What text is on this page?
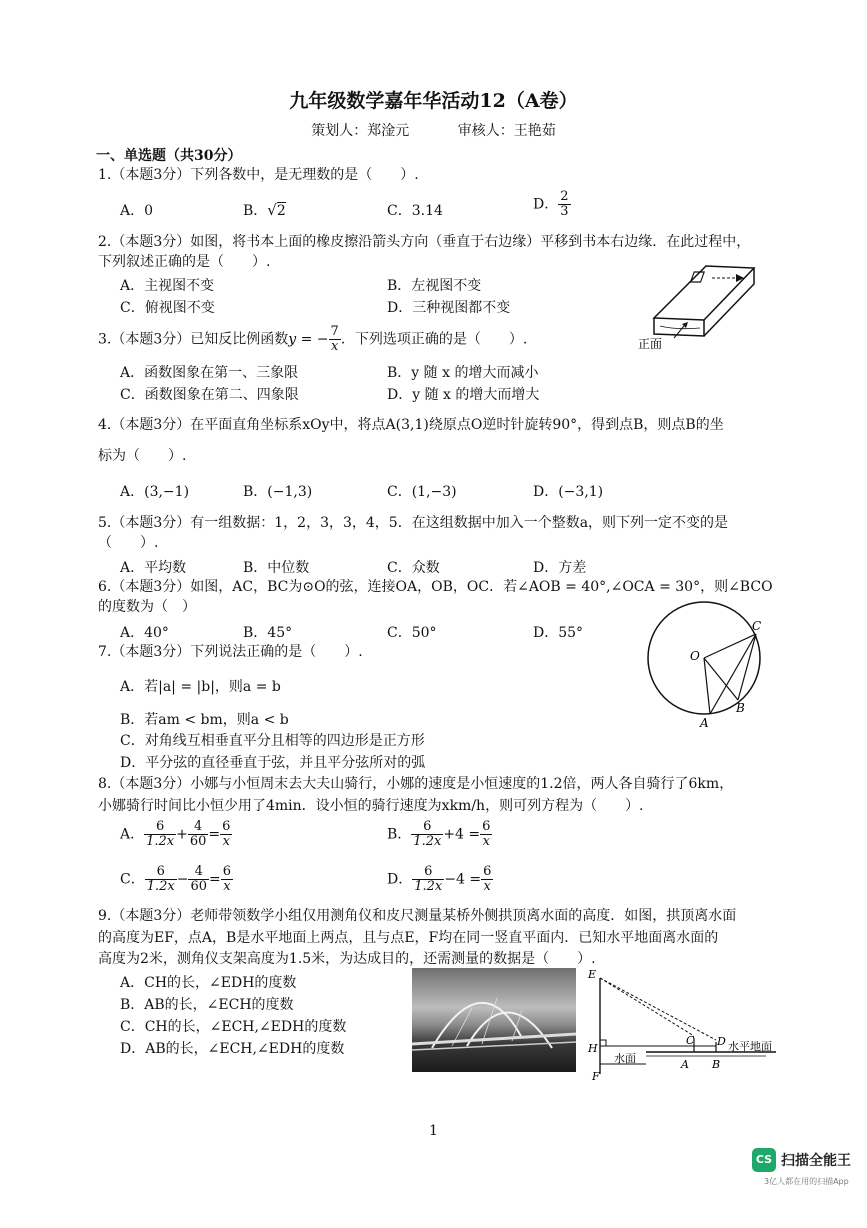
九年级数学嘉年华活动12（A卷）
策划人：郑淦元	审核人：王艳茹
一、单选题（共30分）
1.（本题3分）下列各数中，是无理数的是（　　）.
A．0	B．√2	C．3.14	D． $\frac{2}{3}$
2.（本题3分）如图，将书本上面的橡皮擦沿箭头方向（垂直于右边缘）平移到书本右边缘．在此过程中，
下列叙述正确的是（　　）.
A．主视图不变	B．左视图不变
C．俯视图不变	D．三种视图都不变
正面
3.（本题3分）已知反比例函数y = − $\frac{7}{x}$ ．下列选项正确的是（　　）.
A．函数图象在第一、三象限	B．y 随 x 的增大而减小
C．函数图象在第二、四象限	D．y 随 x 的增大而增大
4.（本题3分）在平面直角坐标系xOy中，将点A(3,1)绕原点O逆时针旋转90°，得到点B，则点B的坐
标为（　　）.
A．(3,−1)	B．(−1,3)	C．(1,−3)	D．(−3,1)
5.（本题3分）有一组数据：1，2，3，3，4，5．在这组数据中加入一个整数a，则下列一定不变的是
（　　）.
A．平均数	B．中位数	C．众数	D．方差
6.（本题3分）如图，AC，BC为⊙O的弦，连接OA，OB，OC．若∠AOB = 40°,∠OCA = 30°，则∠BCO
的度数为（　）
A．40°	B．45°	C．50°	D．55°
O
C
A
B
7.（本题3分）下列说法正确的是（　　）.
A．若|a| = |b|，则a = b
B．若am < bm，则a < b
C．对角线互相垂直平分且相等的四边形是正方形
D．平分弦的直径垂直于弦，并且平分弦所对的弧
8.（本题3分）小娜与小恒周末去大夫山骑行，小娜的速度是小恒速度的1.2倍，两人各自骑行了6km，
小娜骑行时间比小恒少用了4min．设小恒的骑行速度为xkm/h，则可列方程为（　　）.
A． $\frac{6}{1.2x} + \frac{4}{60} = \frac{6}{x}$	B． $\frac{6}{1.2x} +4 = \frac{6}{x}$
C． $\frac{6}{1.2x} - \frac{4}{60} = \frac{6}{x}$	D． $\frac{6}{1.2x} -4 = \frac{6}{x}$
9.（本题3分）老师带领数学小组仅用测角仪和皮尺测量某桥外侧拱顶离水面的高度．如图，拱顶离水面
的高度为EF，点A，B是水平地面上两点，且与点E，F均在同一竖直平面内．已知水平地面离水面的
高度为2米，测角仪支架高度为1.5米，为达成目的，还需测量的数据是（　　）.
A．CH的长，∠EDH的度数
B．AB的长，∠ECH的度数
C．CH的长，∠ECH,∠EDH的度数
D．AB的长，∠ECH,∠EDH的度数
E
H
F
C D
A B
水面
水平地面
1
CS 扫描全能王
3亿人都在用的扫描App
